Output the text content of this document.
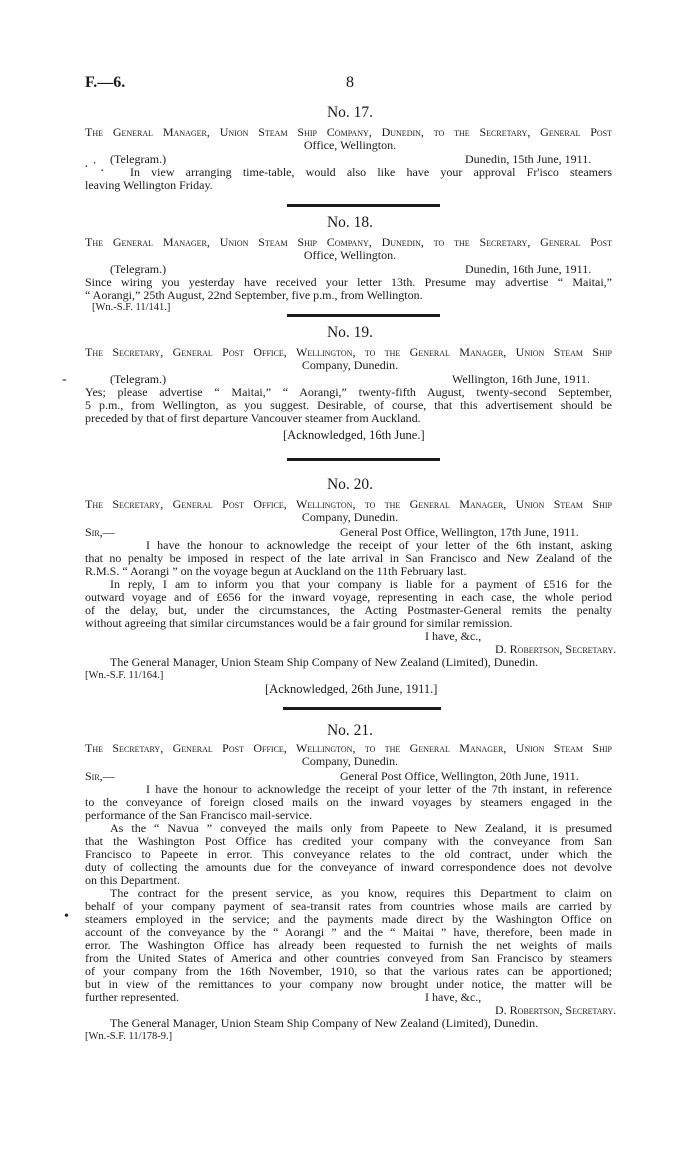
F.—6.	8
No. 17.
The General Manager, Union Steam Ship Company, Dunedin, to the Secretary, General Post
Office, Wellington.
(Telegram.)	Dunedin, 15th June, 1911.
· ˙ . In view arranging time-table, would also like have your approval Fr'isco steamers
leaving Wellington Friday.
No. 18.
The General Manager, Union Steam Ship Company, Dunedin, to the Secretary, General Post
Office, Wellington.
(Telegram.)	Dunedin, 16th June, 1911.
Since wiring you yesterday have received your letter 13th. Presume may advertise “ Maitai,”
“ Aorangi,” 25th August, 22nd September, five p.m., from Wellington.
[Wn.-S.F. 11/141.]
No. 19.
The Secretary, General Post Office, Wellington, to the General Manager, Union Steam Ship
Company, Dunedin.
(Telegram.)	Wellington, 16th June, 1911.
-
Yes; please advertise “ Maitai,” “ Aorangi,” twenty-fifth August, twenty-second September,
5 p.m., from Wellington, as you suggest. Desirable, of course, that this advertisement should be
preceded by that of first departure Vancouver steamer from Auckland.
[Acknowledged, 16th June.]
No. 20.
The Secretary, General Post Office, Wellington, to the General Manager, Union Steam Ship
Company, Dunedin.
Sir,—	General Post Office, Wellington, 17th June, 1911.
I have the honour to acknowledge the receipt of your letter of the 6th instant, asking
that no penalty be imposed in respect of the late arrival in San Francisco and New Zealand of the
R.M.S. “ Aorangi ” on the voyage begun at Auckland on the 11th February last.
In reply, I am to inform you that your company is liable for a payment of £516 for the
outward voyage and of £656 for the inward voyage, representing in each case, the whole period
of the delay, but, under the circumstances, the Acting Postmaster-General remits the penalty
without agreeing that similar circumstances would be a fair ground for similar remission.
I have, &c.,
D. Robertson, Secretary.
The General Manager, Union Steam Ship Company of New Zealand (Limited), Dunedin.
[Wn.-S.F. 11/164.]
[Acknowledged, 26th June, 1911.]
No. 21.
The Secretary, General Post Office, Wellington, to the General Manager, Union Steam Ship
Company, Dunedin.
Sir,—	General Post Office, Wellington, 20th June, 1911.
I have the honour to acknowledge the receipt of your letter of the 7th instant, in reference
to the conveyance of foreign closed mails on the inward voyages by steamers engaged in the
performance of the San Francisco mail-service.
As the “ Navua ” conveyed the mails only from Papeete to New Zealand, it is presumed
that the Washington Post Office has credited your company with the conveyance from San
Francisco to Papeete in error. This conveyance relates to the old contract, under which the
duty of collecting the amounts due for the conveyance of inward correspondence does not devolve
on this Department.
The contract for the present service, as you know, requires this Department to claim on
behalf of your company payment of sea-transit rates from countries whose mails are carried by
• steamers employed in the service; and the payments made direct by the Washington Office on
account of the conveyance by the “ Aorangi ” and the “ Maitai ” have, therefore, been made in
error. The Washington Office has already been requested to furnish the net weights of mails
from the United States of America and other countries conveyed from San Francisco by steamers
of your company from the 16th November, 1910, so that the various rates can be apportioned;
but in view of the remittances to your company now brought under notice, the matter will be
further represented.	I have, &c.,
D. Robertson, Secretary.
The General Manager, Union Steam Ship Company of New Zealand (Limited), Dunedin.
[Wn.-S.F. 11/178-9.]
